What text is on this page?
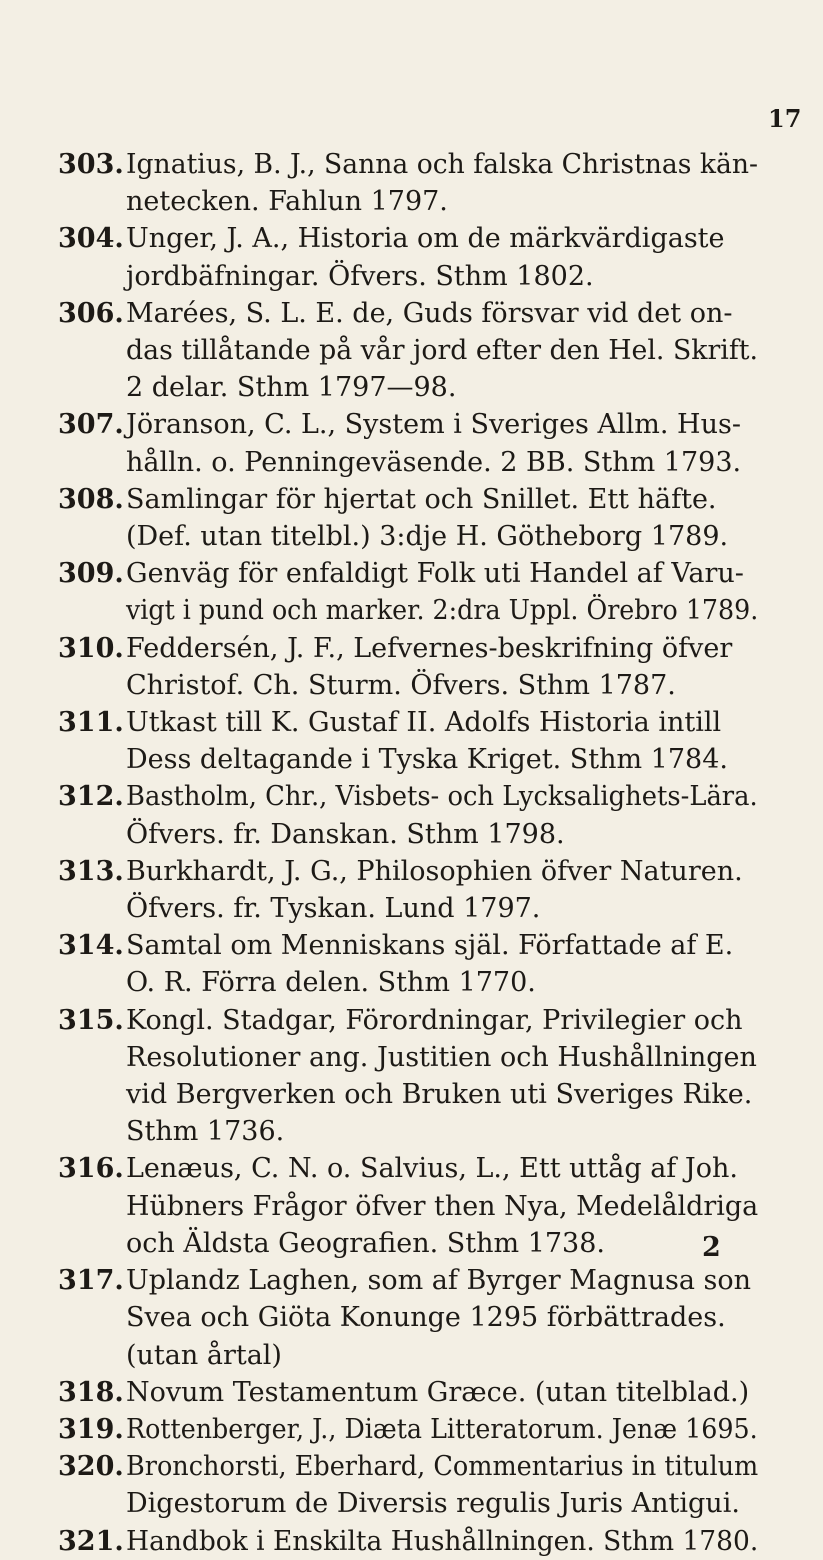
17
303. Ignatius, B. J., Sanna och falska Christnas kän-
netecken. Fahlun 1797.
304. Unger, J. A., Historia om de märkvärdigaste
jordbäfningar. Öfvers. Sthm 1802.
306. Marées, S. L. E. de, Guds försvar vid det on-
das tillåtande på vår jord efter den Hel. Skrift.
2 delar. Sthm 1797—98.
307. Jöranson, C. L., System i Sveriges Allm. Hus-
hålln. o. Penningeväsende. 2 BB. Sthm 1793.
308. Samlingar för hjertat och Snillet. Ett häfte.
(Def. utan titelbl.) 3:dje H. Götheborg 1789.
309. Genväg för enfaldigt Folk uti Handel af Varu-
vigt i pund och marker. 2:dra Uppl. Örebro 1789.
310. Feddersén, J. F., Lefvernes-beskrifning öfver
Christof. Ch. Sturm. Öfvers. Sthm 1787.
311. Utkast till K. Gustaf II. Adolfs Historia intill
Dess deltagande i Tyska Kriget. Sthm 1784.
312. Bastholm, Chr., Visbets- och Lycksalighets-Lära.
Öfvers. fr. Danskan. Sthm 1798.
313. Burkhardt, J. G., Philosophien öfver Naturen.
Öfvers. fr. Tyskan. Lund 1797.
314. Samtal om Menniskans själ. Författade af E.
O. R. Förra delen. Sthm 1770.
315. Kongl. Stadgar, Förordningar, Privilegier och
Resolutioner ang. Justitien och Hushållningen
vid Bergverken och Bruken uti Sveriges Rike.
Sthm 1736.
316. Lenæus, C. N. o. Salvius, L., Ett uttåg af Joh.
Hübners Frågor öfver then Nya, Medelåldriga
och Äldsta Geografien. Sthm 1738.
317. Uplandz Laghen, som af Byrger Magnusa son
Svea och Giöta Konunge 1295 förbättrades.
(utan årtal)
318. Novum Testamentum Græce. (utan titelblad.)
319. Rottenberger, J., Diæta Litteratorum. Jenæ 1695.
320. Bronchorsti, Eberhard, Commentarius in titulum
Digestorum de Diversis regulis Juris Antigui.
321. Handbok i Enskilta Hushållningen. Sthm 1780.
2
